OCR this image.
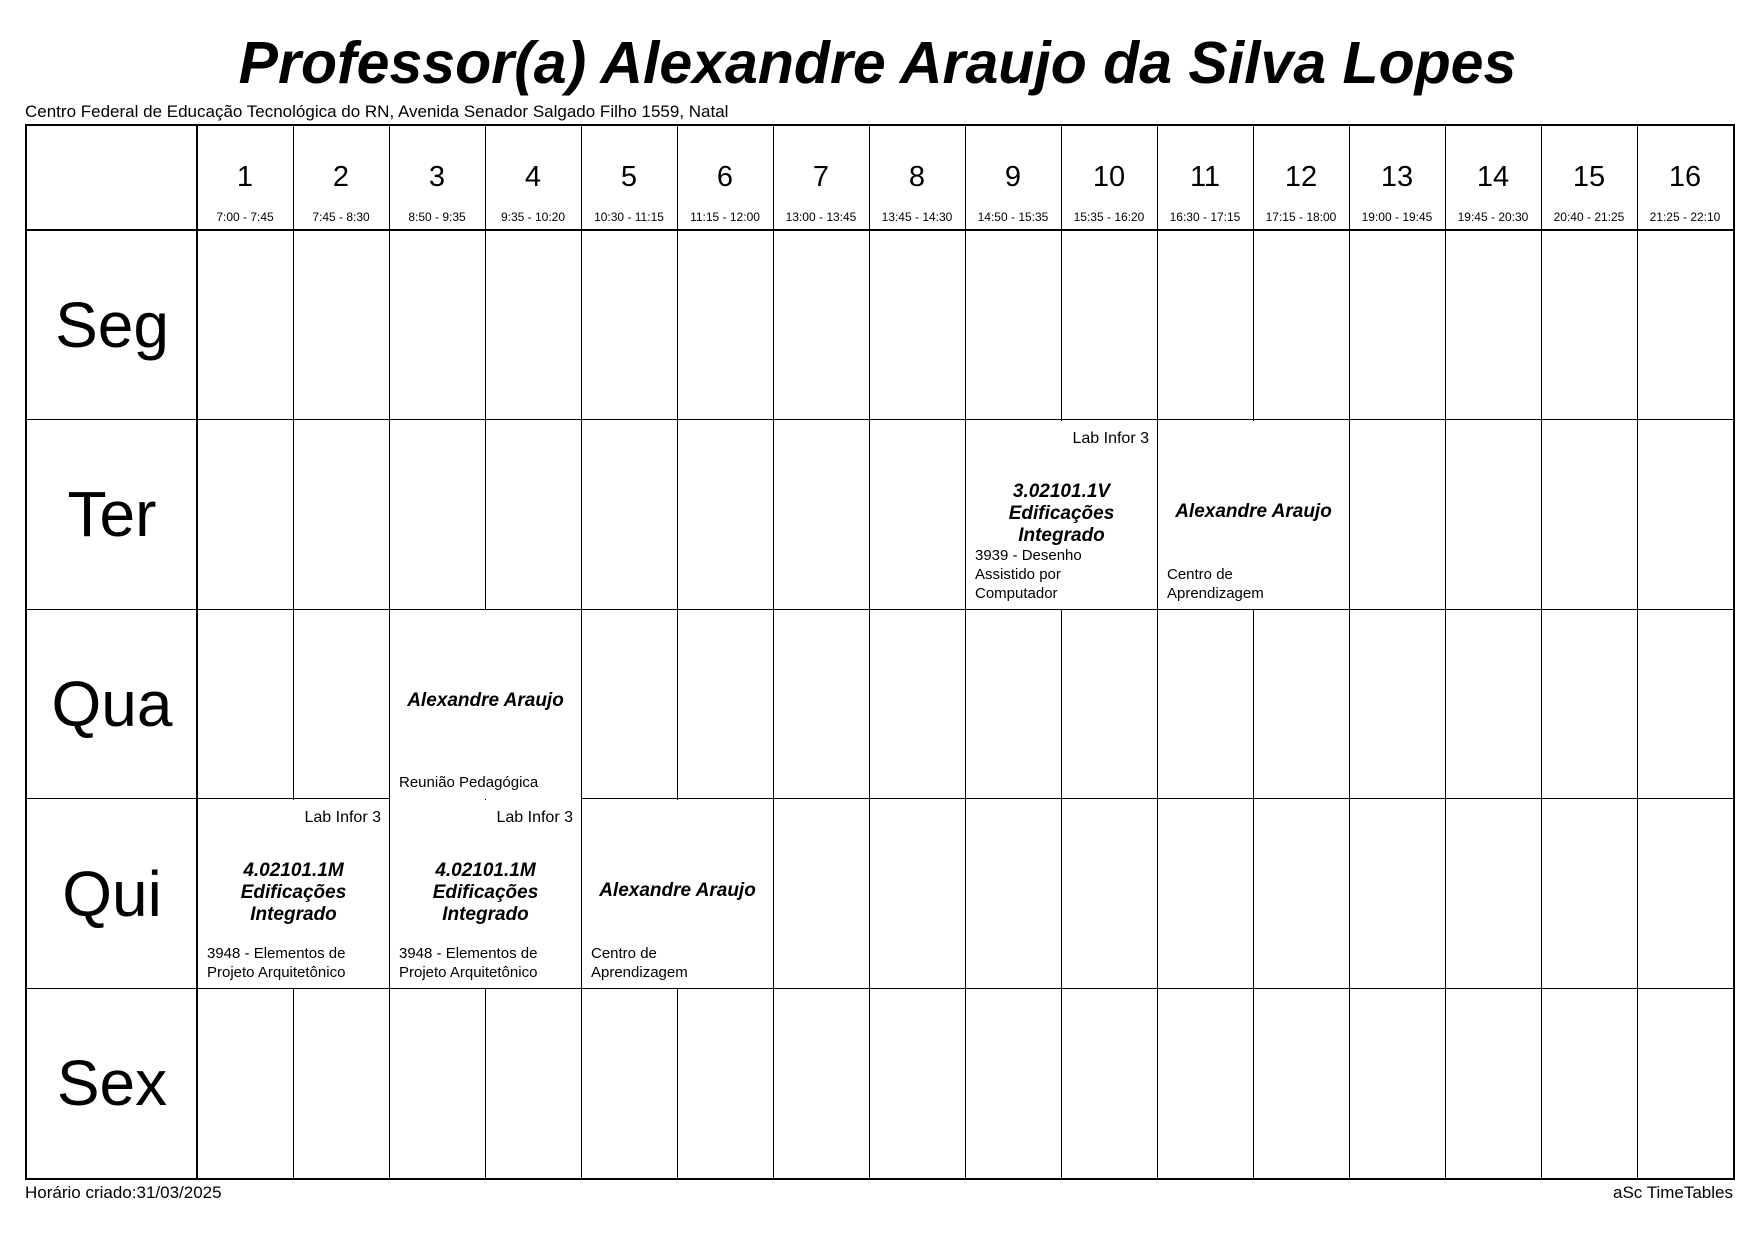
Professor(a) Alexandre Araujo da Silva Lopes
Centro Federal de Educação Tecnológica do RN, Avenida Senador Salgado Filho 1559, Natal
1
7:00 - 7:45
2
7:45 - 8:30
3
8:50 - 9:35
4
9:35 - 10:20
5
10:30 - 11:15
6
11:15 - 12:00
7
13:00 - 13:45
8
13:45 - 14:30
9
14:50 - 15:35
10
15:35 - 16:20
11
16:30 - 17:15
12
17:15 - 18:00
13
19:00 - 19:45
14
19:45 - 20:30
15
20:40 - 21:25
16
21:25 - 22:10
Seg
Ter
Qua
Qui
Sex
Lab Infor 3
3.02101.1V
Edificações
Integrado
3939 - Desenho
Assistido por
Computador
Alexandre Araujo
Centro de
Aprendizagem
Alexandre Araujo
Reunião Pedagógica
Lab Infor 3
4.02101.1M
Edificações
Integrado
3948 - Elementos de
Projeto Arquitetônico
Lab Infor 3
4.02101.1M
Edificações
Integrado
3948 - Elementos de
Projeto Arquitetônico
Alexandre Araujo
Centro de
Aprendizagem
Horário criado:31/03/2025	aSc TimeTables
